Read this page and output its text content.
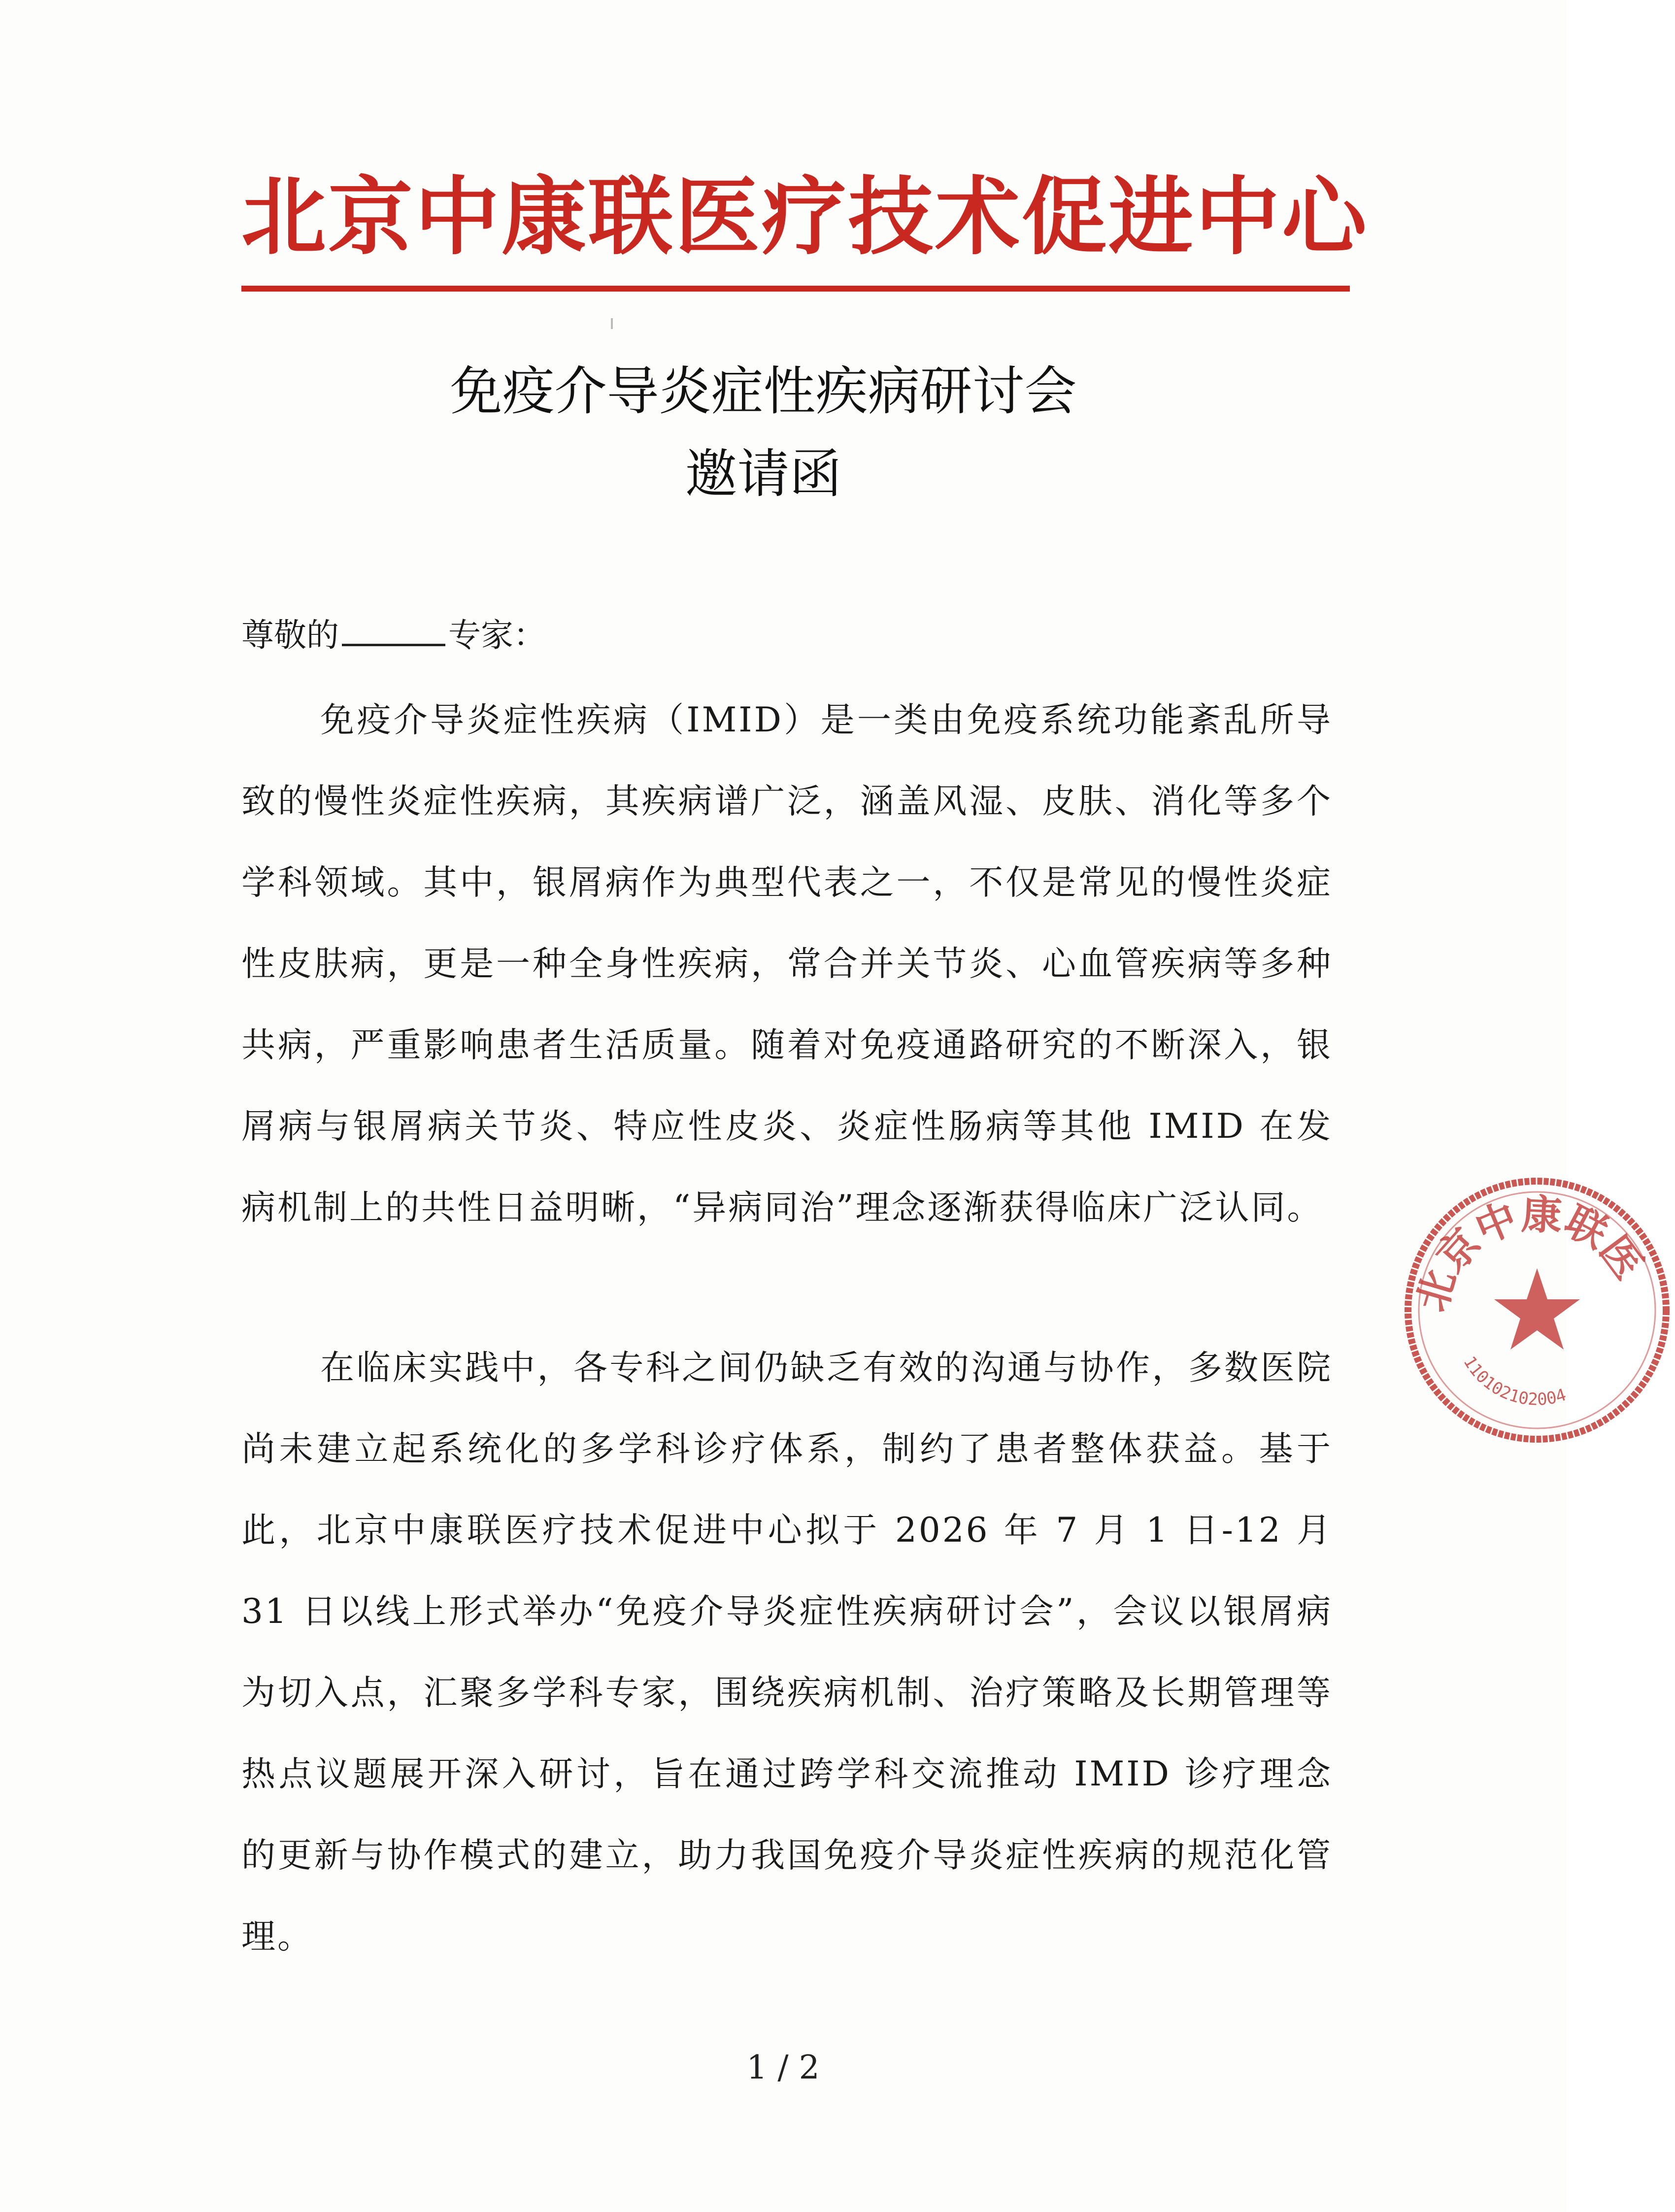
北京中康联医疗技术促进中心
免疫介导炎症性疾病研讨会
邀请函
尊敬的	专家：

免疫介导炎症性疾病（IMID）是一类由免疫系统功能紊乱所导致的慢性炎症性疾病，其疾病谱广泛，涵盖风湿、皮肤、消化等多个学科领域。其中，银屑病作为典型代表之一，不仅是常见的慢性炎症性皮肤病，更是一种全身性疾病，常合并关节炎、心血管疾病等多种共病，严重影响患者生活质量。随着对免疫通路研究的不断深入，银屑病与银屑病关节炎、特应性皮炎、炎症性肠病等其他 IMID 在发病机制上的共性日益明晰，“异病同治”理念逐渐获得临床广泛认同。

在临床实践中，各专科之间仍缺乏有效的沟通与协作，多数医院尚未建立起系统化的多学科诊疗体系，制约了患者整体获益。基于此，北京中康联医疗技术促进中心拟于 2026 年 7 月 1 日-12 月 31 日以线上形式举办“免疫介导炎症性疾病研讨会”，会议以银屑病为切入点，汇聚多学科专家，围绕疾病机制、治疗策略及长期管理等热点议题展开深入研讨，旨在通过跨学科交流推动 IMID 诊疗理念的更新与协作模式的建立，助力我国免疫介导炎症性疾病的规范化管理。

北京中康联医
110102102004
1 / 2
